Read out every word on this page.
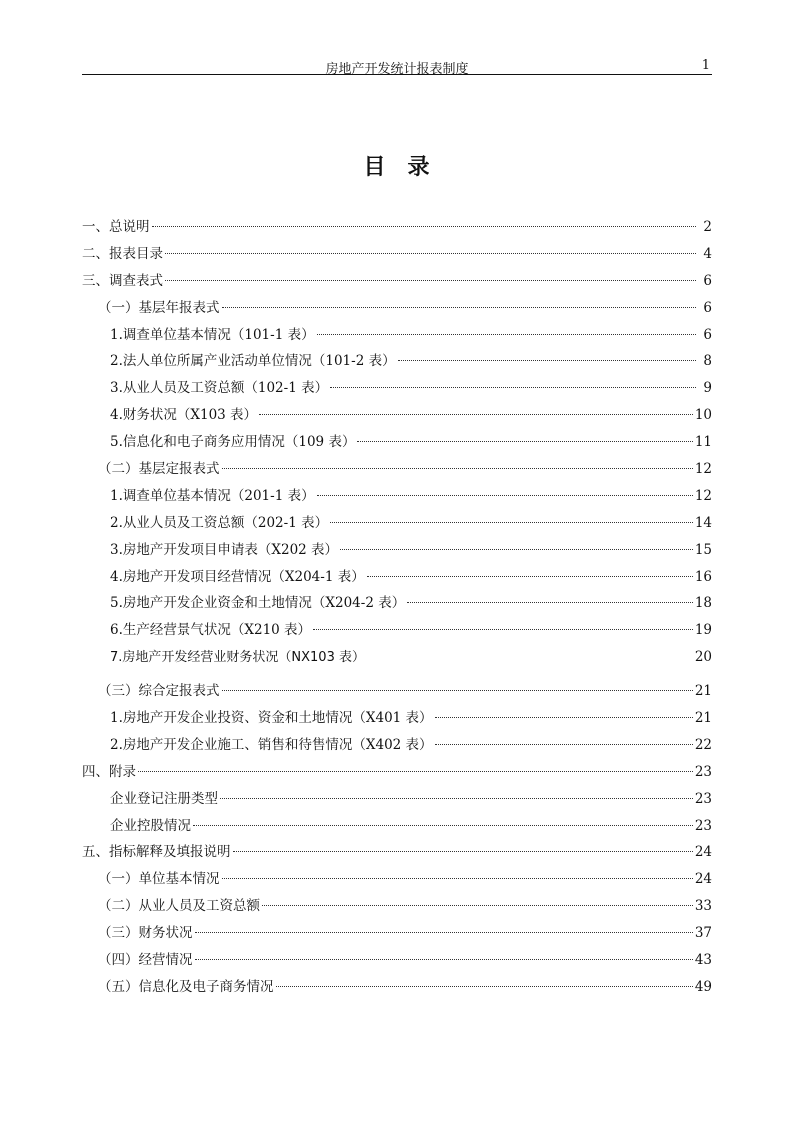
房地产开发统计报表制度	1
目录
一、总说明	2
二、报表目录	4
三、调查表式	6
（一）基层年报表式	6
1.调查单位基本情况（101-1 表）	6
2.法人单位所属产业活动单位情况（101-2 表）	8
3.从业人员及工资总额（102-1 表）	9
4.财务状况（X103 表）	10
5.信息化和电子商务应用情况（109 表）	11
（二）基层定报表式	12
1.调查单位基本情况（201-1 表）	12
2.从业人员及工资总额（202-1 表）	14
3.房地产开发项目申请表（X202 表）	15
4.房地产开发项目经营情况（X204-1 表）	16
5.房地产开发企业资金和土地情况（X204-2 表）	18
6.生产经营景气状况（X210 表）	19
7.房地产开发经营业财务状况（NX103 表）	20
（三）综合定报表式	21
1.房地产开发企业投资、资金和土地情况（X401 表）	21
2.房地产开发企业施工、销售和待售情况（X402 表）	22
四、附录	23
企业登记注册类型	23
企业控股情况	23
五、指标解释及填报说明	24
（一）单位基本情况	24
（二）从业人员及工资总额	33
（三）财务状况	37
（四）经营情况	43
（五）信息化及电子商务情况	49
